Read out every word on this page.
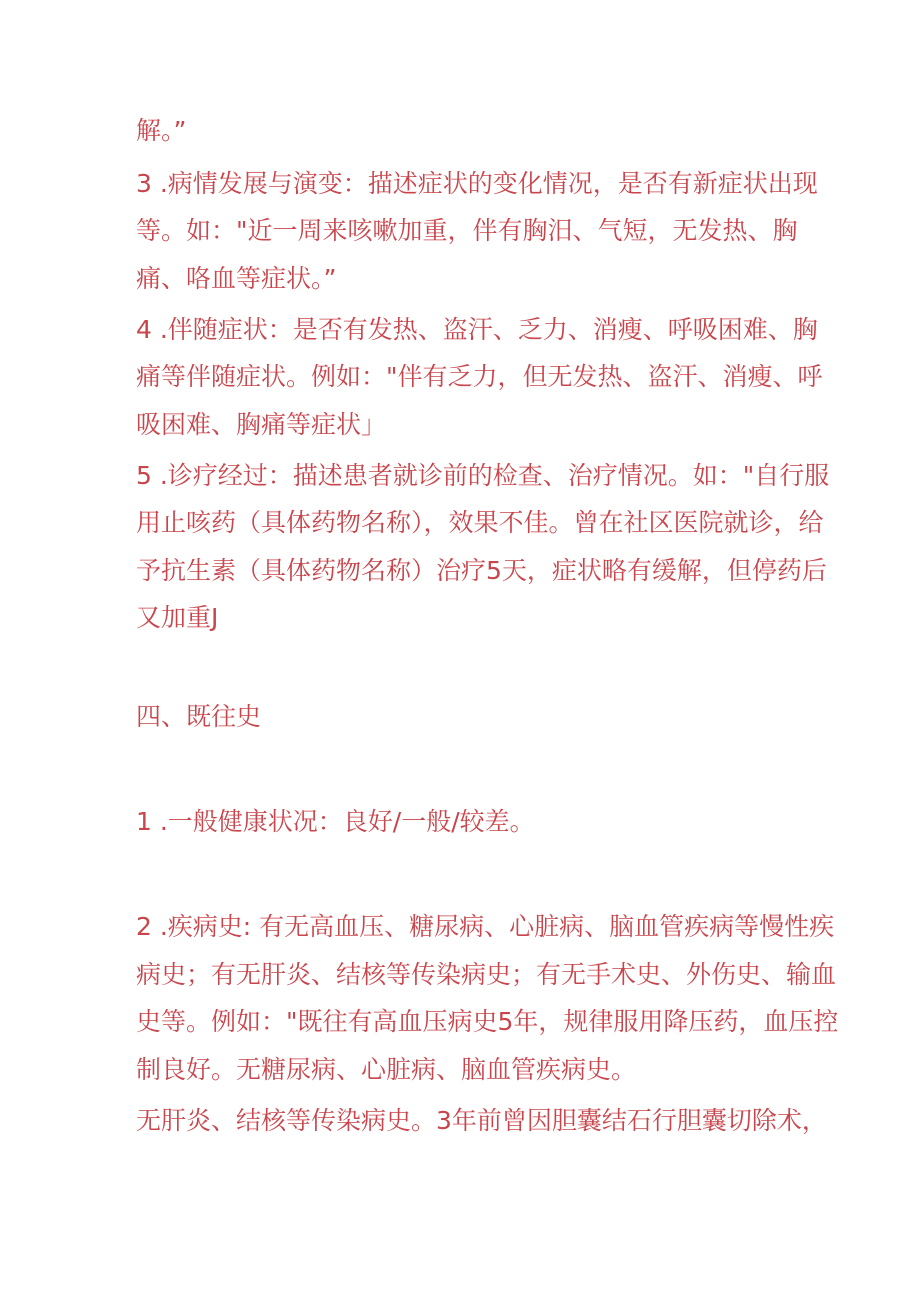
解。”
3 .病情发展与演变：描述症状的变化情况，是否有新症状出现
等。如："近一周来咳嗽加重，伴有胸汨、气短，无发热、胸
痛、咯血等症状。”
4 .伴随症状：是否有发热、盗汗、乏力、消瘦、呼吸困难、胸
痛等伴随症状。例如："伴有乏力，但无发热、盗汗、消瘦、呼
吸困难、胸痛等症状」
5 .诊疗经过：描述患者就诊前的检查、治疗情况。如："自行服
用止咳药（具体药物名称），效果不佳。曾在社区医院就诊，给
予抗生素（具体药物名称）治疗5天，症状略有缓解，但停药后
又加重J
四、既往史
1 .一般健康状况：良好/一般/较差。
2 .疾病史: 有无高血压、糖尿病、心脏病、脑血管疾病等慢性疾
病史；有无肝炎、结核等传染病史；有无手术史、外伤史、输血
史等。例如："既往有高血压病史5年，规律服用降压药，血压控
制良好。无糖尿病、心脏病、脑血管疾病史。
无肝炎、结核等传染病史。3年前曾因胆囊结石行胆囊切除术，
